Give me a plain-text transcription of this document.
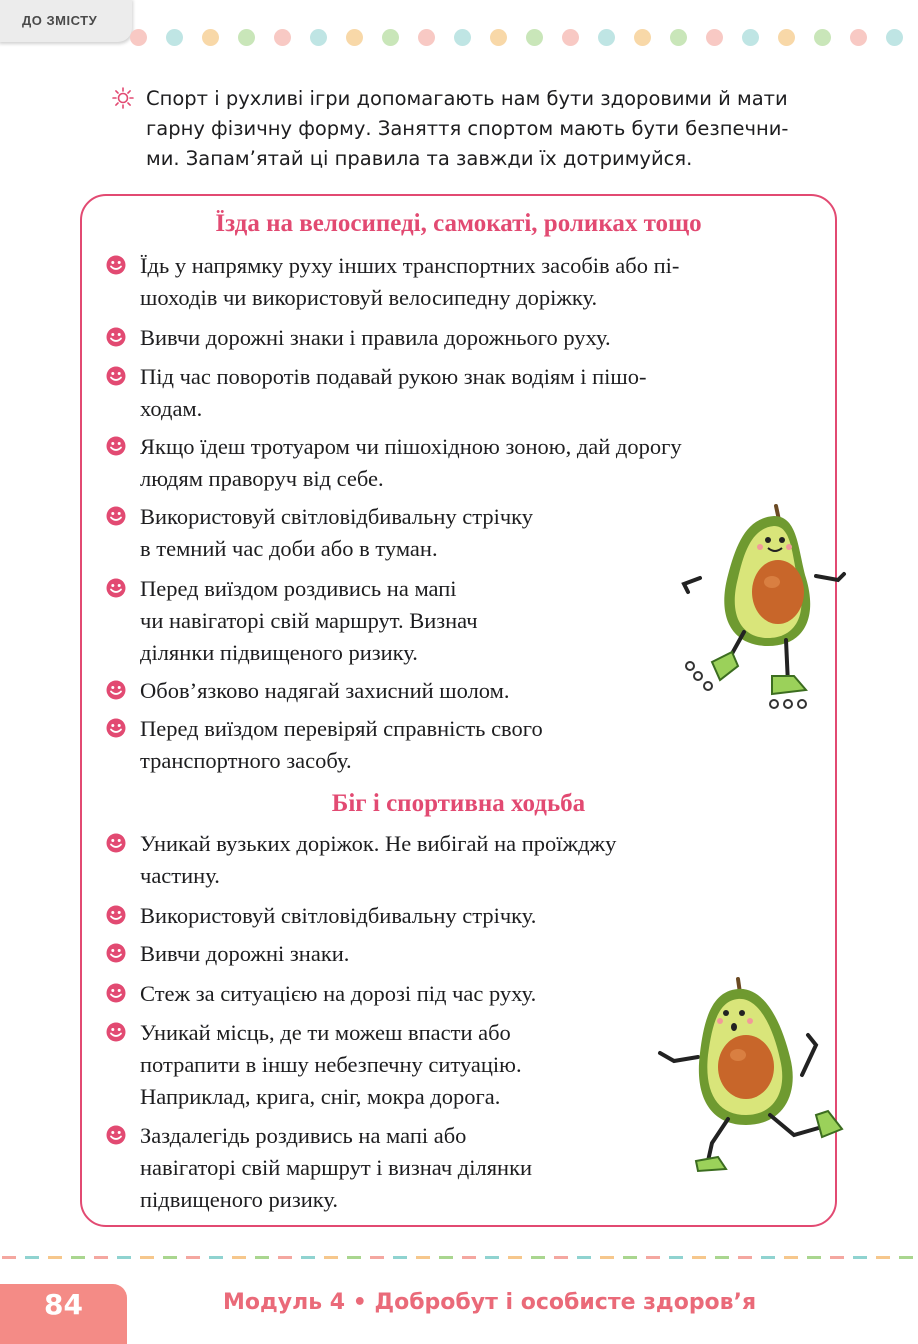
ДО ЗМІСТУ

Спорт і рухливі ігри допомагають нам бути здоровими й мати
гарну фізичну форму. Заняття спортом мають бути безпечни-
ми. Запам’ятай ці правила та завжди їх дотримуйся.

Їзда на велосипеді, самокаті, роликах тощо
Їдь у напрямку руху інших транспортних засобів або пі-
шоходів чи використовуй велосипедну доріжку.
Вивчи дорожні знаки і правила дорожнього руху.
Під час поворотів подавай рукою знак водіям і пішо-
ходам.
Якщо їдеш тротуаром чи пішохідною зоною, дай дорогу
людям праворуч від себе.
Використовуй світловідбивальну стрічку
в темний час доби або в туман.
Перед виїздом роздивись на мапі
чи навігаторі свій маршрут. Визнач
ділянки підвищеного ризику.
Обов’язково надягай захисний шолом.
Перед виїздом перевіряй справність свого
транспортного засобу.
Біг і спортивна ходьба
Уникай вузьких доріжок. Не вибігай на проїжджу
частину.
Використовуй світловідбивальну стрічку.
Вивчи дорожні знаки.
Стеж за ситуацією на дорозі під час руху.
Уникай місць, де ти можеш впасти або
потрапити в іншу небезпечну ситуацію.
Наприклад, крига, сніг, мокра дорога.
Заздалегідь роздивись на мапі або
навігаторі свій маршрут і визнач ділянки
підвищеного ризику.
84	Модуль 4 • Добробут і особисте здоров’я
